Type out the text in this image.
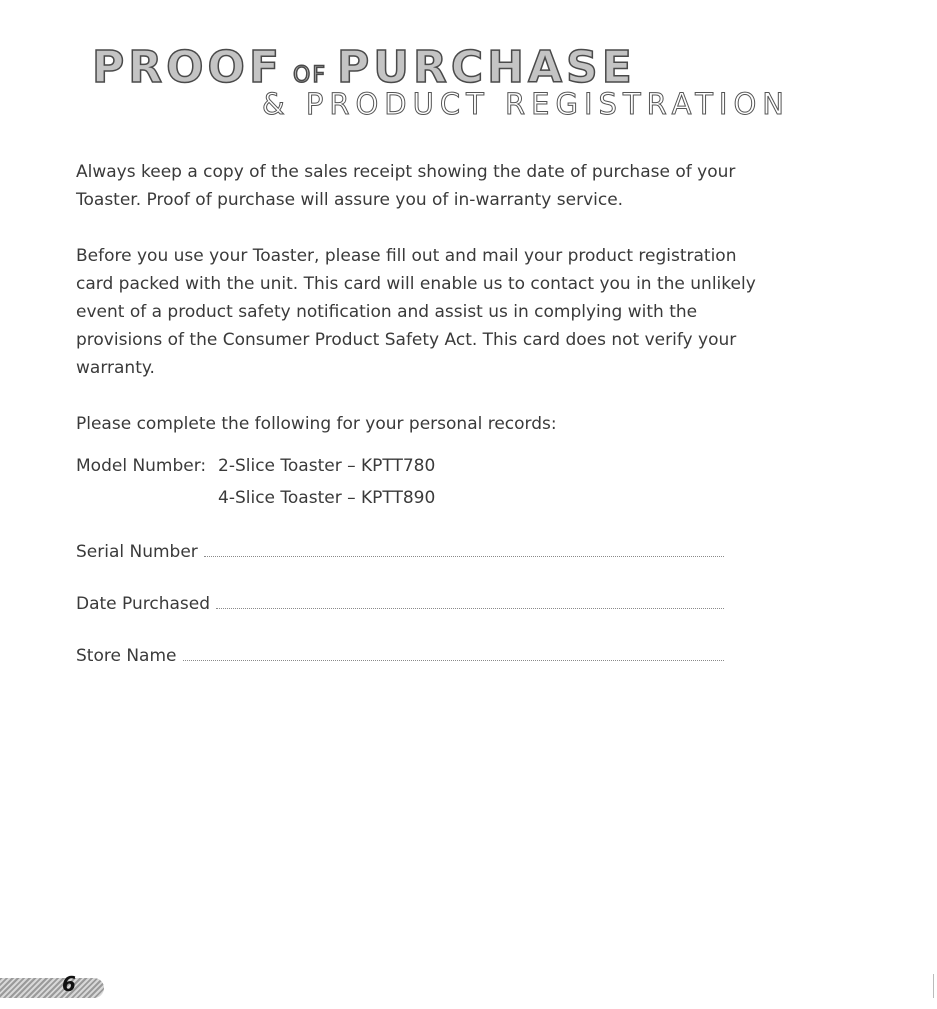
PROOF OF PURCHASE
& PRODUCT REGISTRATION

Always keep a copy of the sales receipt showing the date of purchase of your Toaster. Proof of purchase will assure you of in-warranty service.

Before you use your Toaster, please fill out and mail your product registration card packed with the unit. This card will enable us to contact you in the unlikely event of a product safety notification and assist us in complying with the provisions of the Consumer Product Safety Act. This card does not verify your warranty.

Please complete the following for your personal records:

Model Number: 2-Slice Toaster – KPTT780
4-Slice Toaster – KPTT890
Serial Number
Date Purchased
Store Name
6
